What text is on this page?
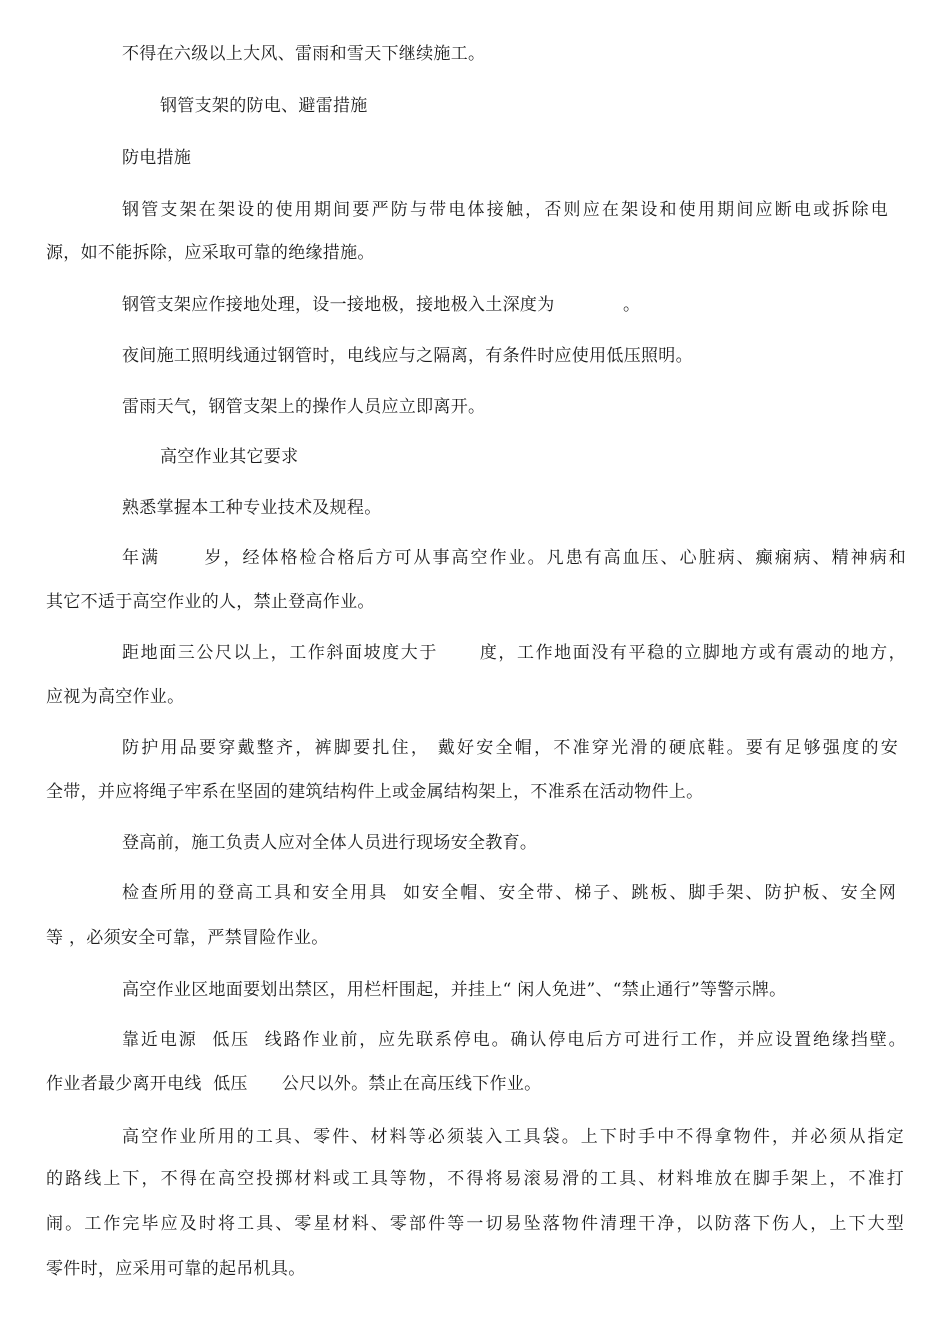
不得在六级以上大风、雷雨和雪天下继续施工。
钢管支架的防电、避雷措施
防电措施
钢管支架在架设的使用期间要严防与带电体接触，否则应在架设和使用期间应断电或拆除电
源，如不能拆除，应采取可靠的绝缘措施。
钢管支架应作接地处理，设一接地极，接地极入土深度为            。
夜间施工照明线通过钢管时，电线应与之隔离，有条件时应使用低压照明。
雷雨天气，钢管支架上的操作人员应立即离开。
高空作业其它要求
熟悉掌握本工种专业技术及规程。
年满      岁，经体格检合格后方可从事高空作业。凡患有高血压、心脏病、癫痫病、精神病和
其它不适于高空作业的人，禁止登高作业。
距地面三公尺以上，工作斜面坡度大于      度，工作地面没有平稳的立脚地方或有震动的地方，
应视为高空作业。
防护用品要穿戴整齐，裤脚要扎住， 戴好安全帽，不准穿光滑的硬底鞋。要有足够强度的安
全带，并应将绳子牢系在坚固的建筑结构件上或金属结构架上，不准系在活动物件上。
登高前，施工负责人应对全体人员进行现场安全教育。
检查所用的登高工具和安全用具  如安全帽、安全带、梯子、跳板、脚手架、防护板、安全网
等 ，必须安全可靠，严禁冒险作业。
高空作业区地面要划出禁区，用栏杆围起，并挂上“ 闲人免进”、“禁止通行”等警示牌。
靠近电源  低压  线路作业前，应先联系停电。确认停电后方可进行工作，并应设置绝缘挡壁。
作业者最少离开电线  低压      公尺以外。禁止在高压线下作业。
高空作业所用的工具、零件、材料等必须装入工具袋。上下时手中不得拿物件，并必须从指定
的路线上下，不得在高空投掷材料或工具等物，不得将易滚易滑的工具、材料堆放在脚手架上，不准打
闹。工作完毕应及时将工具、零星材料、零部件等一切易坠落物件清理干净，以防落下伤人，上下大型
零件时，应采用可靠的起吊机具。
